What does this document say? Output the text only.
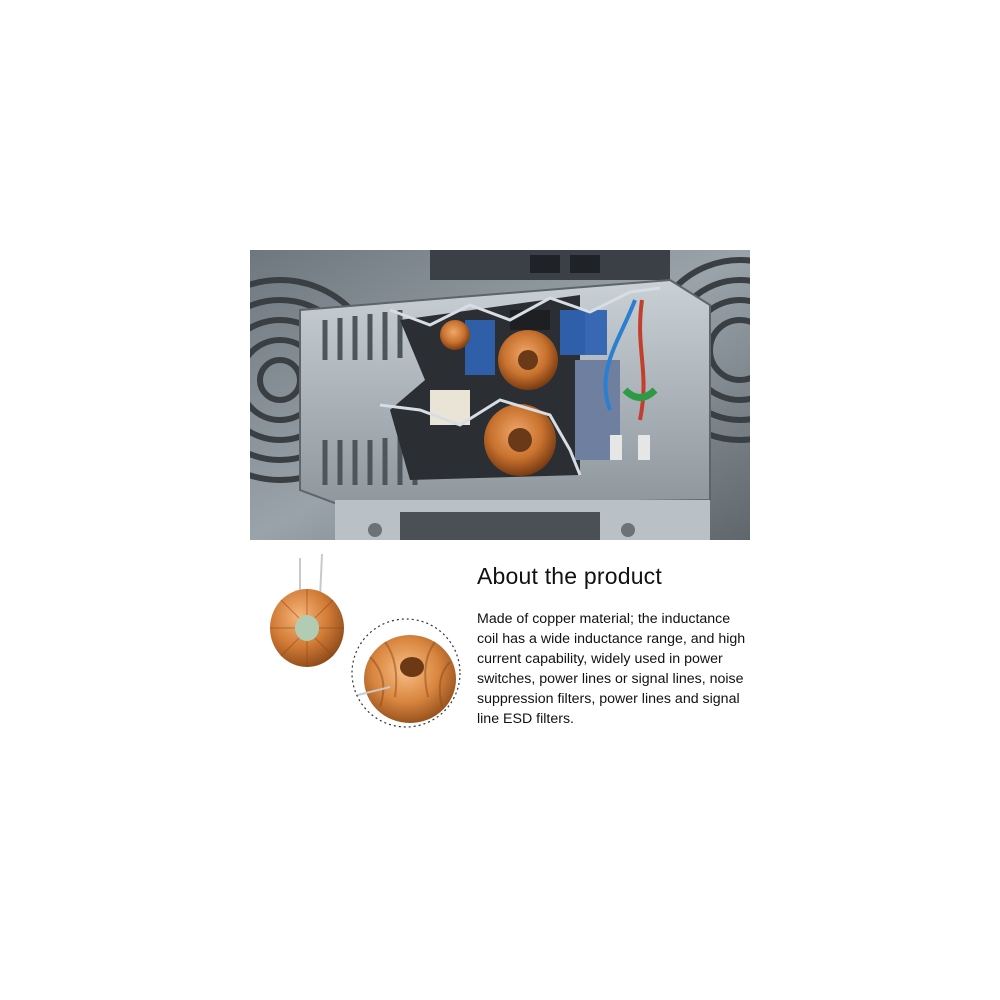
About the product

Made of copper material; the inductance coil has a wide inductance range, and high current capability, widely used in power switches, power lines or signal lines, noise suppression filters, power lines and signal line ESD filters.
